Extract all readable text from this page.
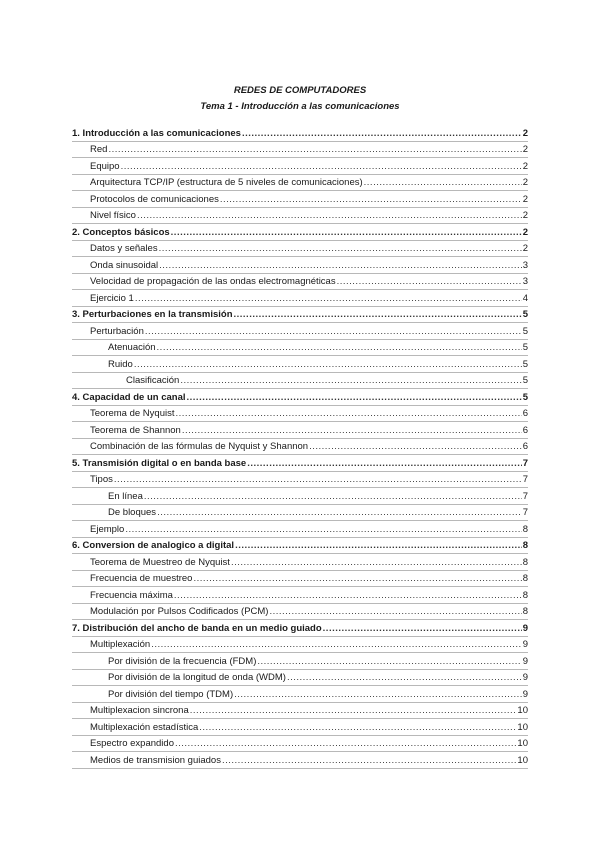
REDES DE COMPUTADORES
Tema 1 - Introducción a las comunicaciones
1. Introducción a las comunicaciones .....	2
Red .....	2
Equipo .....	2
Arquitectura TCP/IP (estructura de 5 niveles de comunicaciones) .....	2
Protocolos de comunicaciones .....	2
Nivel físico .....	2
2. Conceptos básicos .....	2
Datos y señales .....	2
Onda sinusoidal .....	3
Velocidad de propagación de las ondas electromagnéticas .....	3
Ejercicio 1 .....	4
3. Perturbaciones en la transmisión .....	5
Perturbación .....	5
Atenuación .....	5
Ruido .....	5
Clasificación .....	5
4. Capacidad de un canal .....	5
Teorema de Nyquist .....	6
Teorema de Shannon .....	6
Combinación de las fórmulas de Nyquist y Shannon .....	6
5. Transmisión digital o en banda base .....	7
Tipos .....	7
En línea .....	7
De bloques .....	7
Ejemplo .....	8
6. Conversion de analogico a digital .....	8
Teorema de Muestreo de Nyquist .....	8
Frecuencia de muestreo .....	8
Frecuencia máxima .....	8
Modulación por Pulsos Codificados (PCM) .....	8
7. Distribución del ancho de banda en un medio guiado .....	9
Multiplexación .....	9
Por división de la frecuencia (FDM) .....	9
Por división de la longitud de onda (WDM) .....	9
Por división del tiempo (TDM) .....	9
Multiplexacion sincrona .....	10
Multiplexación estadística .....	10
Espectro expandido .....	10
Medios de transmision guiados .....	10
